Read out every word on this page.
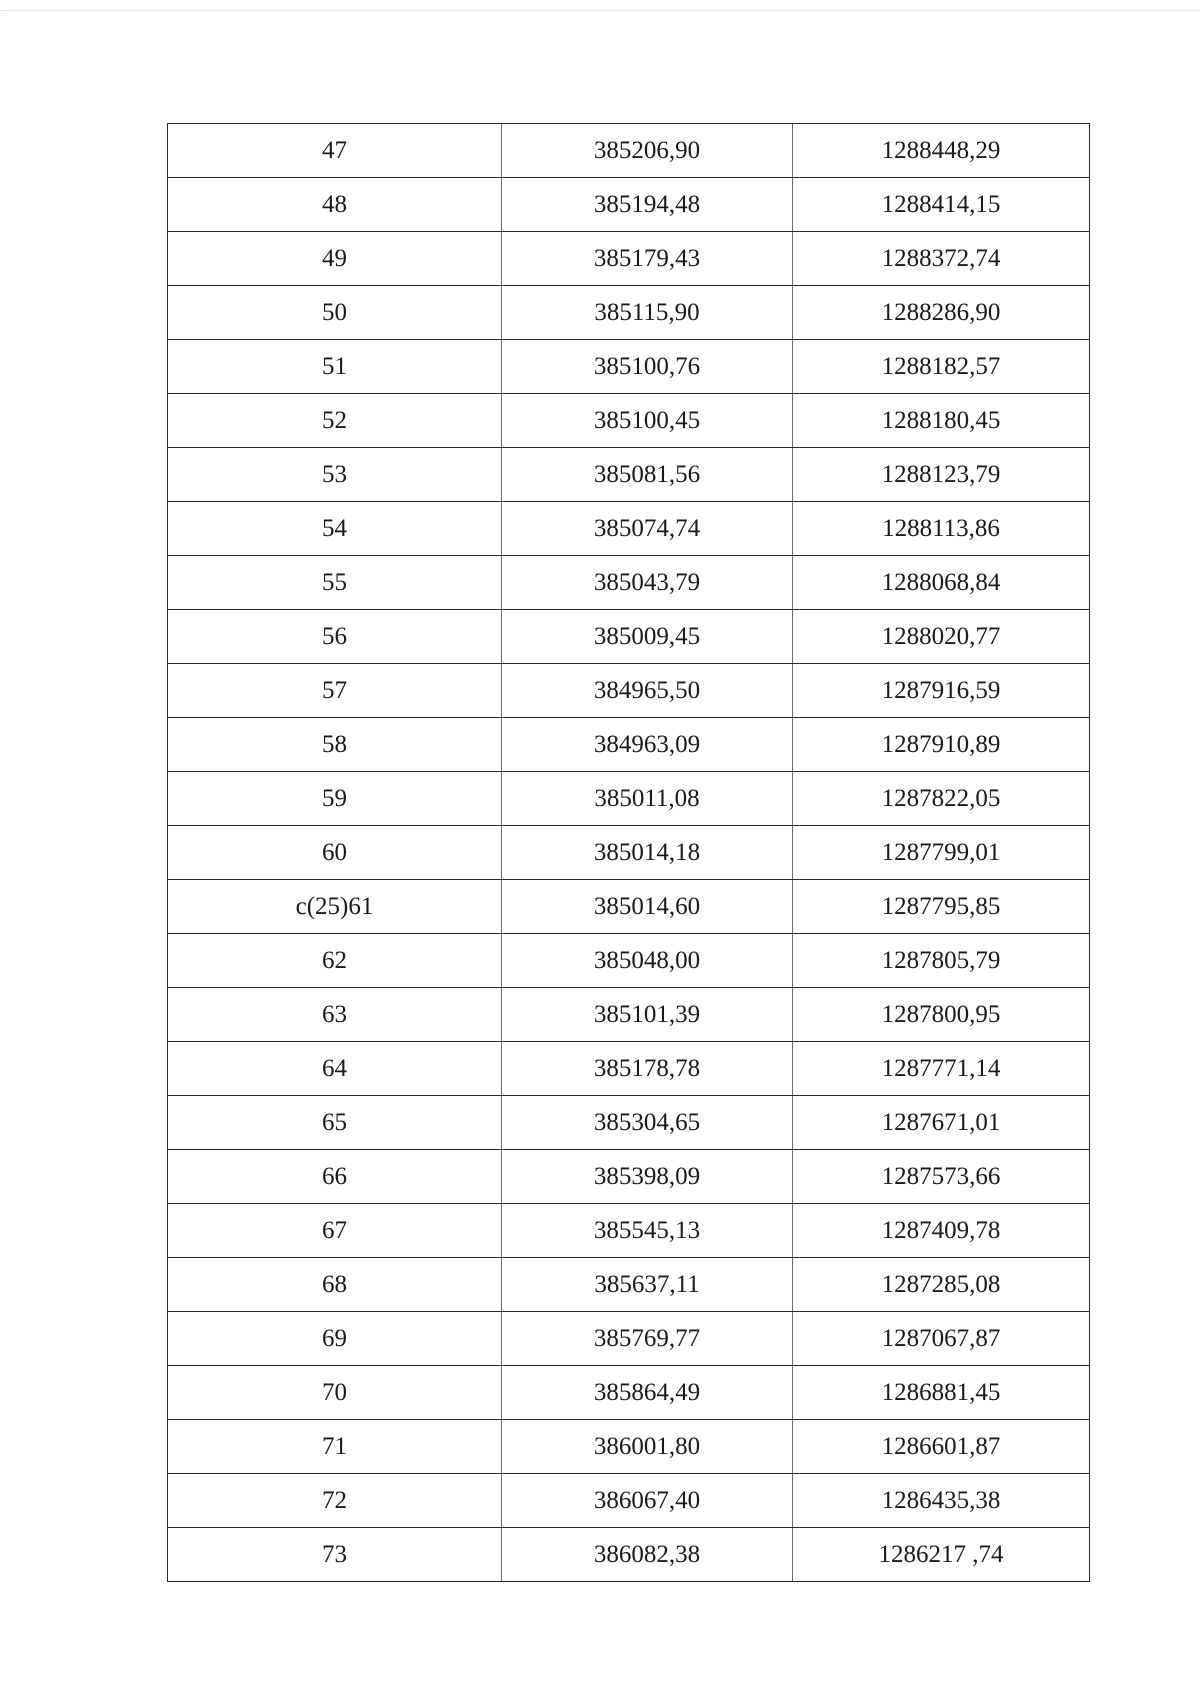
47	385206,90	1288448,29
48	385194,48	1288414,15
49	385179,43	1288372,74
50	385115,90	1288286,90
51	385100,76	1288182,57
52	385100,45	1288180,45
53	385081,56	1288123,79
54	385074,74	1288113,86
55	385043,79	1288068,84
56	385009,45	1288020,77
57	384965,50	1287916,59
58	384963,09	1287910,89
59	385011,08	1287822,05
60	385014,18	1287799,01
c(25)61	385014,60	1287795,85
62	385048,00	1287805,79
63	385101,39	1287800,95
64	385178,78	1287771,14
65	385304,65	1287671,01
66	385398,09	1287573,66
67	385545,13	1287409,78
68	385637,11	1287285,08
69	385769,77	1287067,87
70	385864,49	1286881,45
71	386001,80	1286601,87
72	386067,40	1286435,38
73	386082,38	1286217 ,74
